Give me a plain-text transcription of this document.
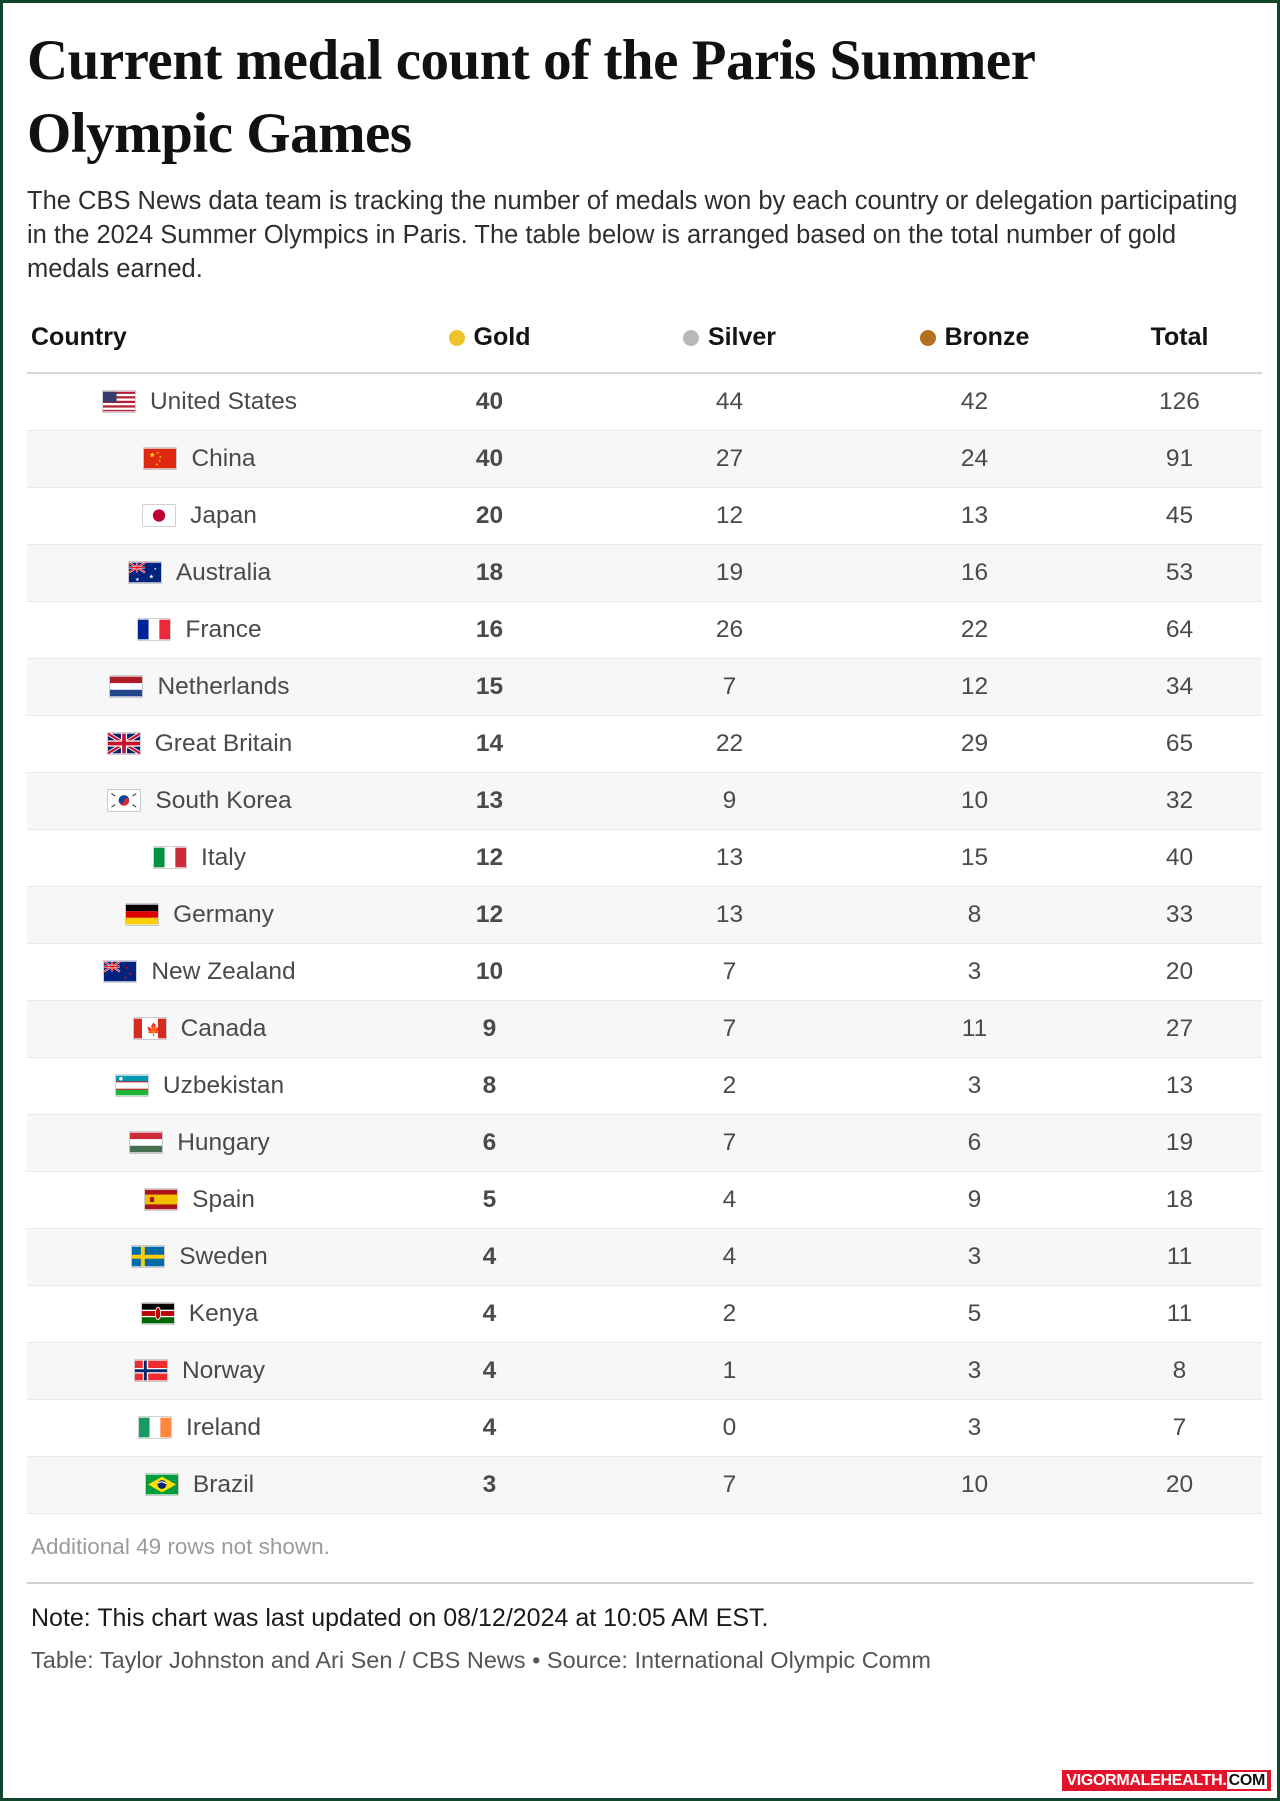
Current medal count of the Paris Summer Olympic Games

The CBS News data team is tracking the number of medals won by each country or delegation participating in the 2024 Summer Olympics in Paris. The table below is arranged based on the total number of gold medals earned.

Country	Gold	Silver	Bronze	Total

United States	40	44	42	126

★ ★
★
★
★ China	40	27	24	91

Japan	20	12	13	45

★
★
★ Australia	18	19	16	53

France	16	26	22	64

Netherlands	15	7	12	34

Great Britain	14	22	29	65

South Korea	13	9	10	32

Italy	12	13	15	40

Germany	12	13	8	33

★
★
★ New Zealand	10	7	3	20

🍁 Canada	9	7	11	27

Uzbekistan	8	2	3	13

Hungary	6	7	6	19

Spain	5	4	9	18

Sweden	4	4	3	11

Kenya	4	2	5	11

Norway	4	1	3	8

Ireland	4	0	3	7

Brazil	3	7	10	20
Additional 49 rows not shown.
Note: This chart was last updated on 08/12/2024 at 10:05 AM EST.
Table: Taylor Johnston and Ari Sen / CBS News • Source: International Olympic Comm
VIGORMALEHEALTH. COM
